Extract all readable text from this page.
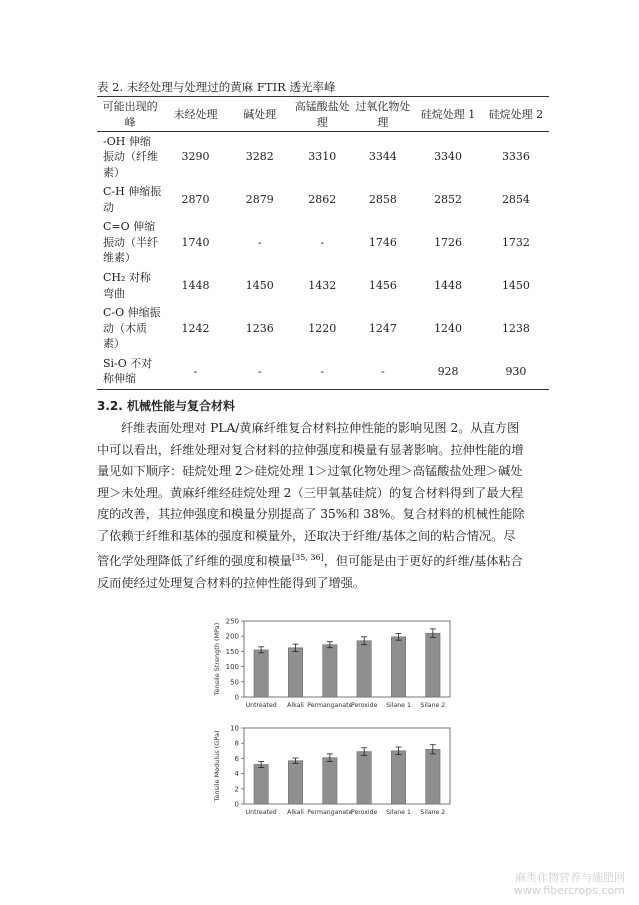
表 2. 未经处理与处理过的黄麻 FTIR 透光率峰
可能出现的峰	未经处理	碱处理	高锰酸盐处理	过氧化物处理	硅烷处理 1	硅烷处理 2
-OH 伸缩振动（纤维素）	3290	3282	3310	3344	3340	3336
C-H 伸缩振动	2870	2879	2862	2858	2852	2854
C=O 伸缩振动（半纤维素）	1740	-	-	1746	1726	1732
CH₂ 对称弯曲	1448	1450	1432	1456	1448	1450
C-O 伸缩振动（木质素）	1242	1236	1220	1247	1240	1238
Si-O 不对称伸缩	-	-	-	-	928	930
3.2. 机械性能与复合材料
纤维表面处理对 PLA/黄麻纤维复合材料拉伸性能的影响见图 2。从直方图
中可以看出，纤维处理对复合材料的拉伸强度和模量有显著影响。拉伸性能的增
量见如下顺序：硅烷处理 2＞硅烷处理 1＞过氧化物处理＞高锰酸盐处理＞碱处
理＞未处理。黄麻纤维经硅烷处理 2（三甲氧基硅烷）的复合材料得到了最大程
度的改善，其拉伸强度和模量分别提高了 35%和 38%。复合材料的机械性能除
了依赖于纤维和基体的强度和模量外，还取决于纤维/基体之间的粘合情况。尽
管化学处理降低了纤维的强度和模量[35, 36]，但可能是由于更好的纤维/基体粘合
反而使经过处理复合材料的拉伸性能得到了增强。
0
50
100
150
200
250
Untreated Alkali Permanganate
Peroxide Silane 1 Silane 2
Tensile Strength (MPa)
0
2
4
6
8
10
Untreated Alkali Permanganate
Peroxide Silane 1 Silane 2
Tensile Modulus (GPa)
麻类作物营养与施肥网
www.fibercrops.com
